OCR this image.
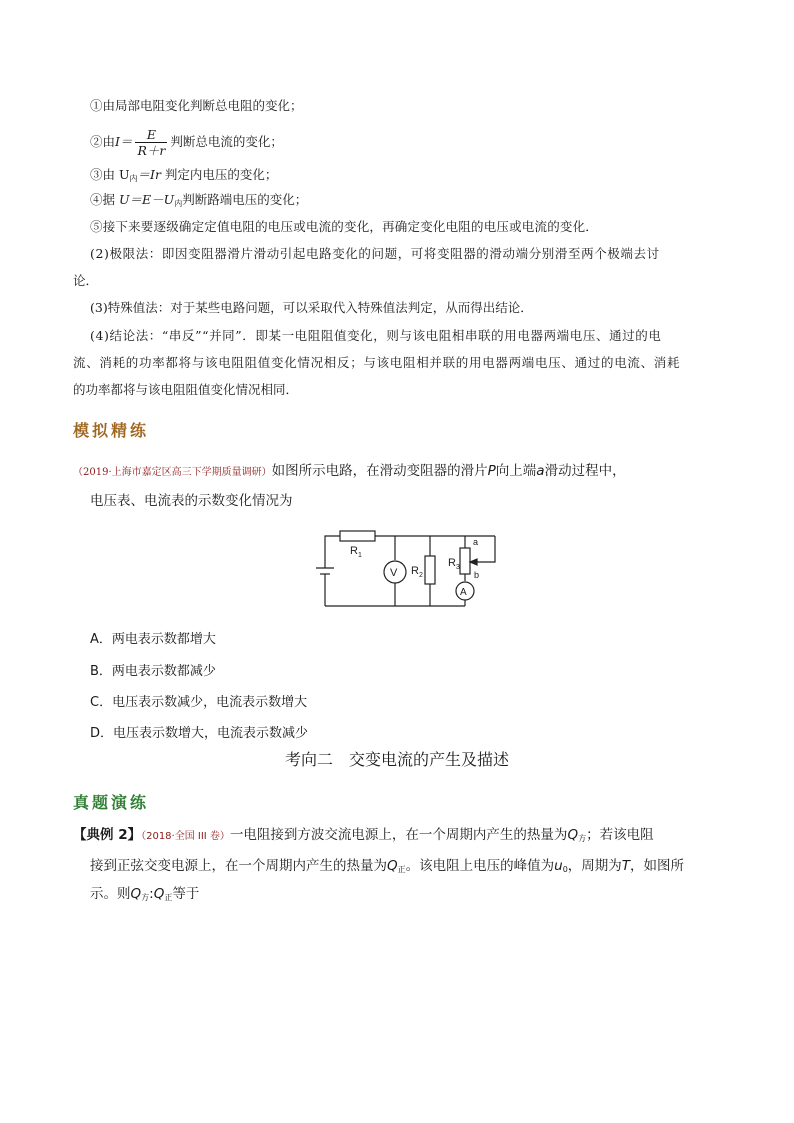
①由局部电阻变化判断总电阻的变化；
②由$I= \frac{E}{R+r}$ 判断总电流的变化；
③由 $U_内=Ir$ 判定内电压的变化；
④据 $U=E-U_内$判断路端电压的变化；
⑤接下来要逐级确定定值电阻的电压或电流的变化，再确定变化电阻的电压或电流的变化．
(2)极限法：即因变阻器滑片滑动引起电路变化的问题，可将变阻器的滑动端分别滑至两个极端去讨
论．
(3)特殊值法：对于某些电路问题，可以采取代入特殊值法判定，从而得出结论．
(4)结论法：“串反”“并同”．即某一电阻阻值变化，则与该电阻相串联的用电器两端电压、通过的电
流、消耗的功率都将与该电阻阻值变化情况相反；与该电阻相并联的用电器两端电压、通过的电流、消耗
的功率都将与该电阻阻值变化情况相同．
模拟精练
（2019·上海市嘉定区高三下学期质量调研）如图所示电路，在滑动变阻器的滑片P向上端a滑动过程中，
电压表、电流表的示数变化情况为
$R_1$
V $R_2$
$R_3$
A
a
b
A．两电表示数都增大
B．两电表示数都减少
C．电压表示数减少，电流表示数增大
D．电压表示数增大，电流表示数减少
考向二 交变电流的产生及描述
真题演练
【典例 2】（2018·全国 III 卷）一电阻接到方波交流电源上，在一个周期内产生的热量为$Q_方$；若该电阻
接到正弦交变电源上，在一个周期内产生的热量为$Q_正$。该电阻上电压的峰值为$u_0$，周期为T，如图所
示。则$Q_方:Q_正$等于
